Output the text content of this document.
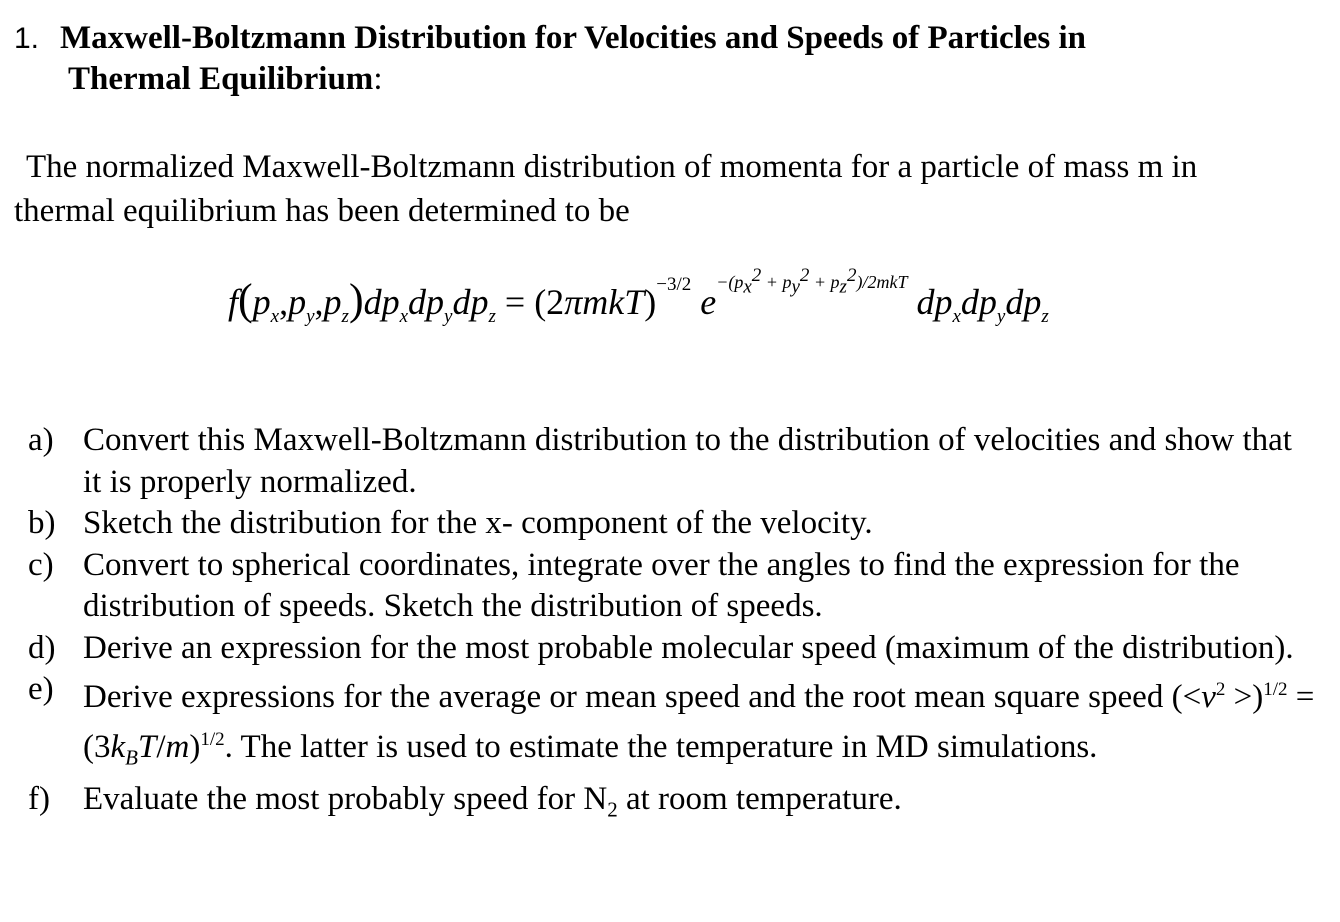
1. Maxwell-Boltzmann Distribution for Velocities and Speeds of Particles in
Thermal Equilibrium:
The normalized Maxwell-Boltzmann distribution of momenta for a particle of mass m in
thermal equilibrium has been determined to be
$f(p_x,p_y,p_z)dp_xdp_ydp_z = (2\pi mkT)^{-3/2}$ $e^{-(p_x^2 + p_y^2 + p_z^2)/2mkT}$ $dp_xdp_ydp_z$
a) Convert this Maxwell-Boltzmann distribution to the distribution of velocities and show that it is properly normalized.
b) Sketch the distribution for the x- component of the velocity.
c) Convert to spherical coordinates, integrate over the angles to find the expression for the distribution of speeds. Sketch the distribution of speeds.
d) Derive an expression for the most probable molecular speed (maximum of the distribution).
e) Derive expressions for the average or mean speed and the root mean square speed $(<v^2 >)^{1/2} = (3k_BT/m)^{1/2}$. The latter is used to estimate the temperature in MD simulations.
f)	Evaluate the most probably speed for $N_2$ at room temperature.
